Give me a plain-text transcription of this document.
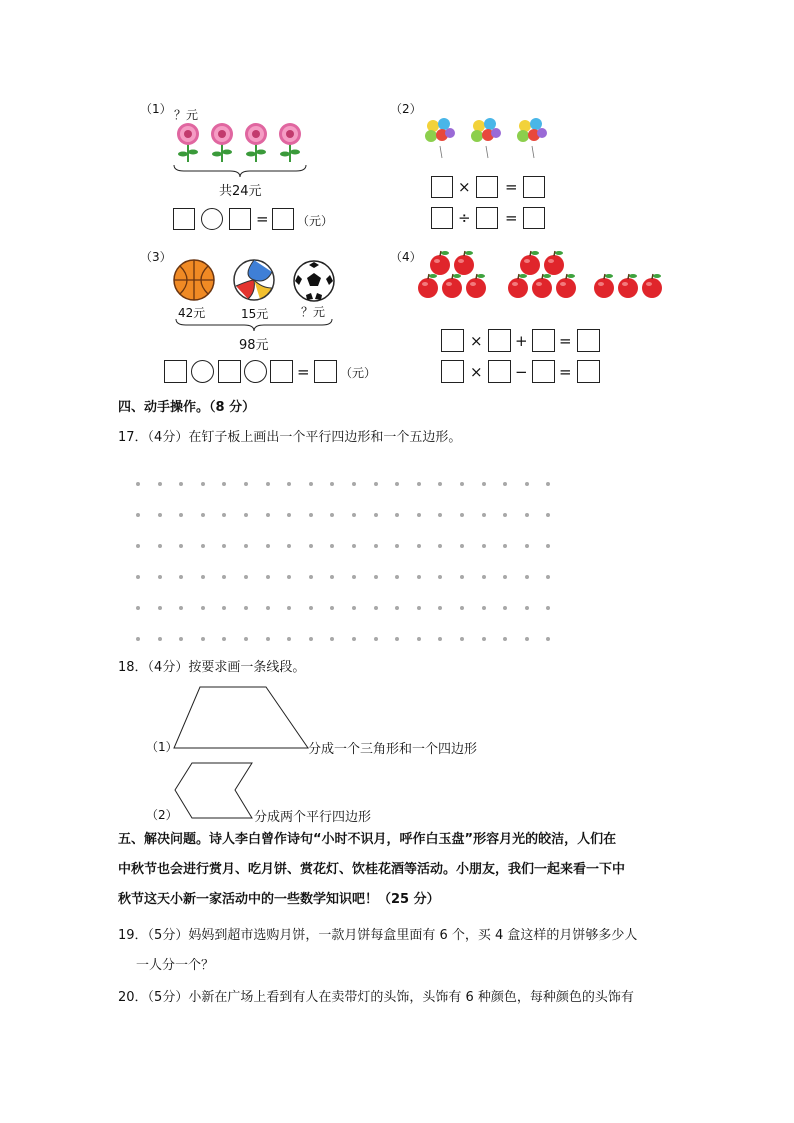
（1） ？元
共24元
= （元）
（2）
× =
÷ =
（3）
42元	15元	？元
98元
=	（元）
（4）
× + =
× − =
四、动手操作。（8 分）
17．（4分）在钉子板上画出一个平行四边形和一个五边形。
18．（4分）按要求画一条线段。
（1）	分成一个三角形和一个四边形
（2）	分成两个平行四边形
五、解决问题。诗人李白曾作诗句“小时不识月，呼作白玉盘”形容月光的皎洁，人们在
中秋节也会进行赏月、吃月饼、赏花灯、饮桂花酒等活动。小朋友，我们一起来看一下中
秋节这天小新一家活动中的一些数学知识吧！（25 分）
19．（5分）妈妈到超市选购月饼，一款月饼每盒里面有 6 个，买 4 盒这样的月饼够多少人
一人分一个？
20．（5分）小新在广场上看到有人在卖带灯的头饰，头饰有 6 种颜色，每种颜色的头饰有
